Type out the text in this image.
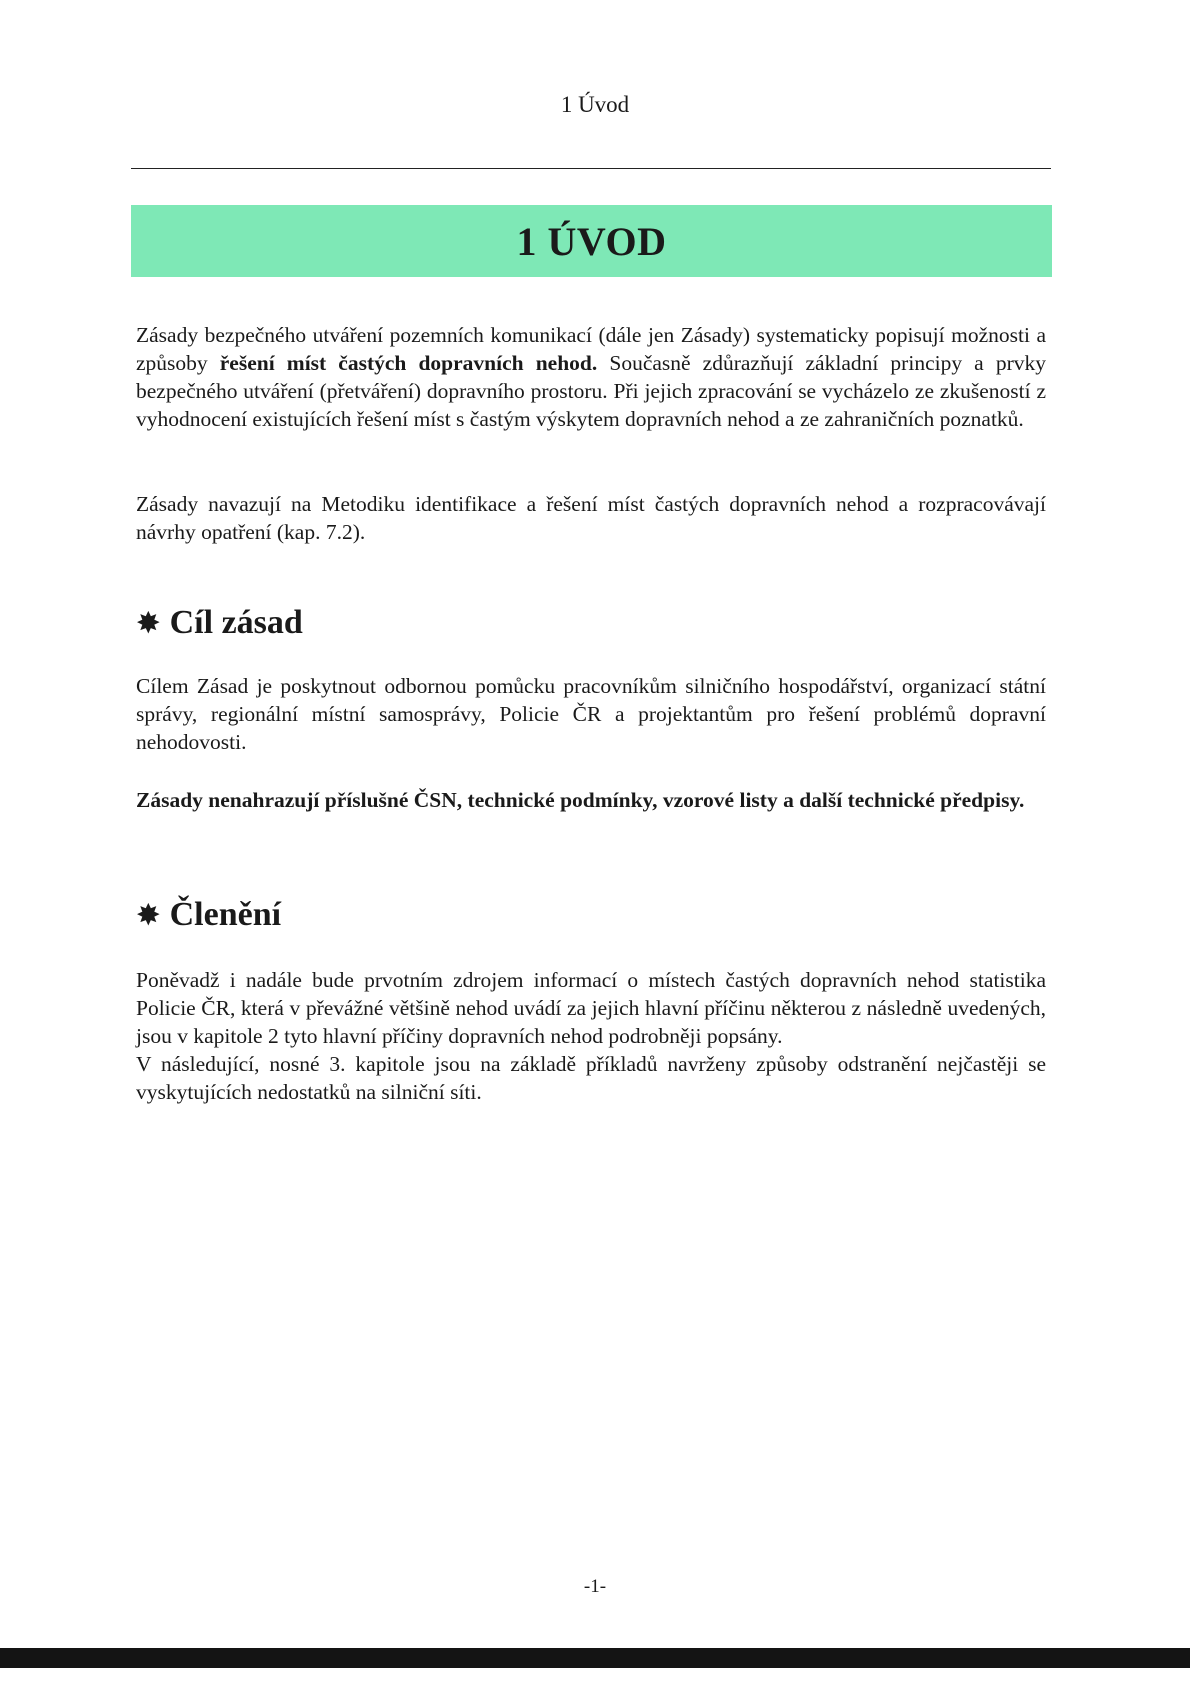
1 Úvod
1 ÚVOD

Zásady bezpečného utváření pozemních komunikací (dále jen Zásady) systematicky popisují možnosti a způsoby řešení míst častých dopravních nehod. Současně zdůrazňují základní principy a prvky bezpečného utváření (přetváření) dopravního prostoru. Při jejich zpracování se vycházelo ze zkušeností z vyhodnocení existujících řešení míst s častým výskytem dopravních nehod a ze zahraničních poznatků.

Zásady navazují na Metodiku identifikace a řešení míst častých dopravních nehod a rozpracovávají návrhy opatření (kap. 7.2).

✸ Cíl zásad

Cílem Zásad je poskytnout odbornou pomůcku pracovníkům silničního hospodářství, organizací státní správy, regionální místní samosprávy, Policie ČR a projektantům pro řešení problémů dopravní nehodovosti.

Zásady nenahrazují příslušné ČSN, technické podmínky, vzorové listy a další technické předpisy.

✸ Členění

Poněvadž i nadále bude prvotním zdrojem informací o místech častých dopravních nehod statistika Policie ČR, která v převážné většině nehod uvádí za jejich hlavní příčinu některou z následně uvedených, jsou v kapitole 2 tyto hlavní příčiny dopravních nehod podrobněji popsány.

V následující, nosné 3. kapitole jsou na základě příkladů navrženy způsoby odstranění nejčastěji se vyskytujících nedostatků na silniční síti.

-1-
